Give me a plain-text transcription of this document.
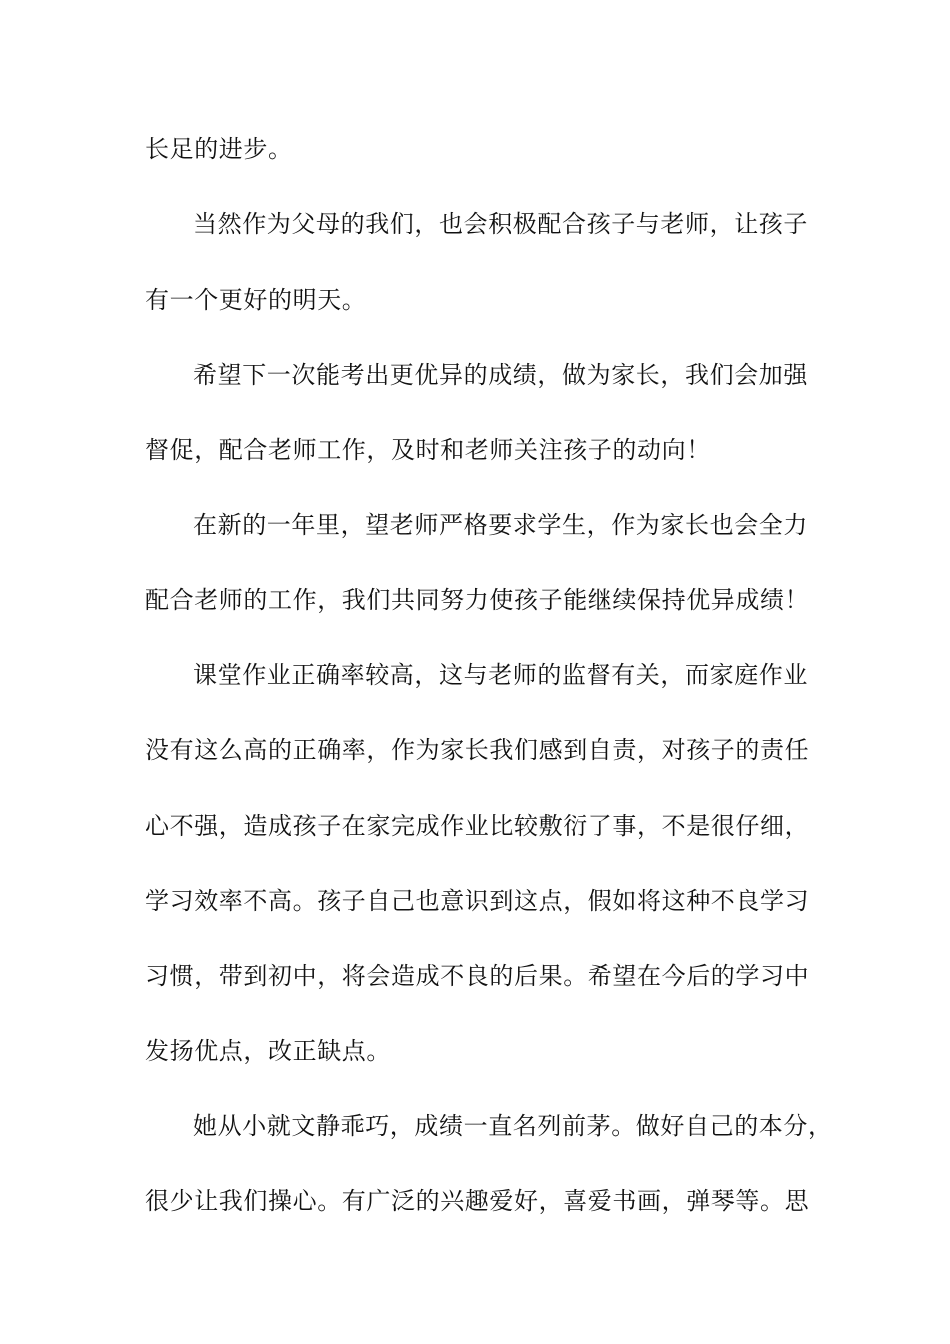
长足的进步。
当然作为父母的我们，也会积极配合孩子与老师，让孩子
有一个更好的明天。
希望下一次能考出更优异的成绩，做为家长，我们会加强
督促，配合老师工作，及时和老师关注孩子的动向！
在新的一年里，望老师严格要求学生，作为家长也会全力
配合老师的工作，我们共同努力使孩子能继续保持优异成绩！
课堂作业正确率较高，这与老师的监督有关，而家庭作业
没有这么高的正确率，作为家长我们感到自责，对孩子的责任
心不强，造成孩子在家完成作业比较敷衍了事，不是很仔细，
学习效率不高。孩子自己也意识到这点，假如将这种不良学习
习惯，带到初中，将会造成不良的后果。希望在今后的学习中
发扬优点，改正缺点。
她从小就文静乖巧，成绩一直名列前茅。做好自己的本分，
很少让我们操心。有广泛的兴趣爱好，喜爱书画，弹琴等。思
